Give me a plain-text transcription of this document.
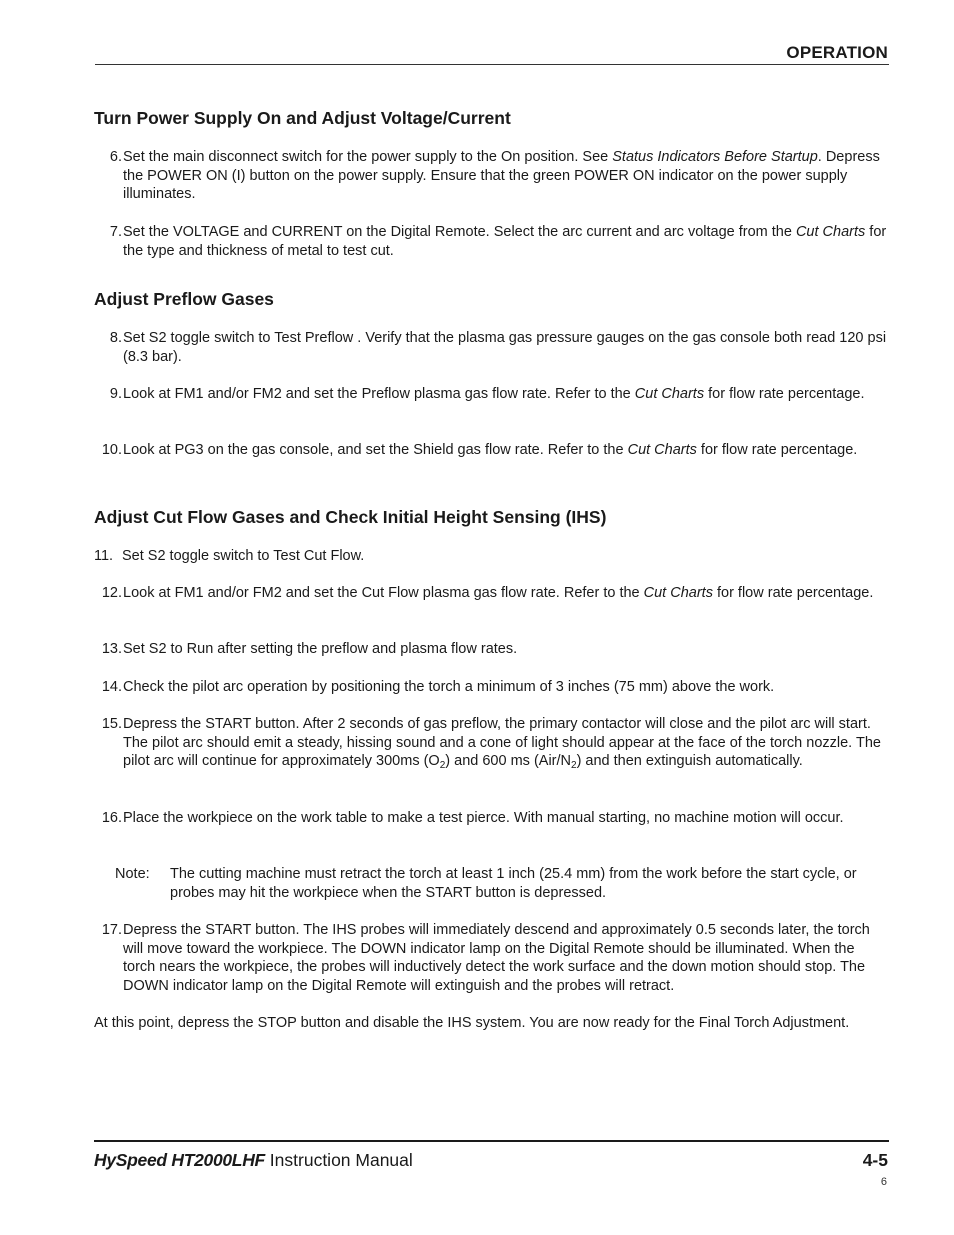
OPERATION
Turn Power Supply On and Adjust Voltage/Current
6. Set the main disconnect switch for the power supply to the On position. See Status Indicators Before Startup. Depress the POWER ON (I) button on the power supply. Ensure that the green POWER ON indicator on the power supply illuminates.
7. Set the VOLTAGE and CURRENT on the Digital Remote. Select the arc current and arc voltage from the Cut Charts for the type and thickness of metal to test cut.
Adjust Preflow Gases
8. Set S2 toggle switch to Test Preflow . Verify that the plasma gas pressure gauges on the gas console both read 120 psi (8.3 bar).
9. Look at FM1 and/or FM2 and set the Preflow plasma gas flow rate. Refer to the Cut Charts for flow rate percentage.
10. Look at PG3 on the gas console, and set the Shield gas flow rate. Refer to the Cut Charts for flow rate percentage.
Adjust Cut Flow Gases and Check Initial Height Sensing (IHS)
11. Set S2 toggle switch to Test Cut Flow.
12. Look at FM1 and/or FM2 and set the Cut Flow plasma gas flow rate. Refer to the Cut Charts for flow rate percentage.
13. Set S2 to Run after setting the preflow and plasma flow rates.
14. Check the pilot arc operation by positioning the torch a minimum of 3 inches (75 mm) above the work.
15. Depress the START button. After 2 seconds of gas preflow, the primary contactor will close and the pilot arc will start. The pilot arc should emit a steady, hissing sound and a cone of light should appear at the face of the torch nozzle. The pilot arc will continue for approximately 300ms $(O_2)$ and 600 ms $(Air/N_2)$ and then extinguish automatically.
16. Place the workpiece on the work table to make a test pierce. With manual starting, no machine motion will occur.
Note: The cutting machine must retract the torch at least 1 inch (25.4 mm) from the work before the start cycle, or probes may hit the workpiece when the START button is depressed.
17. Depress the START button. The IHS probes will immediately descend and approximately 0.5 seconds later, the torch will move toward the workpiece. The DOWN indicator lamp on the Digital Remote should be illuminated. When the torch nears the workpiece, the probes will inductively detect the work surface and the down motion should stop. The DOWN indicator lamp on the Digital Remote will extinguish and the probes will retract.
At this point, depress the STOP button and disable the IHS system. You are now ready for the Final Torch Adjustment.
HySpeed HT2000LHF Instruction Manual	4-5
6
